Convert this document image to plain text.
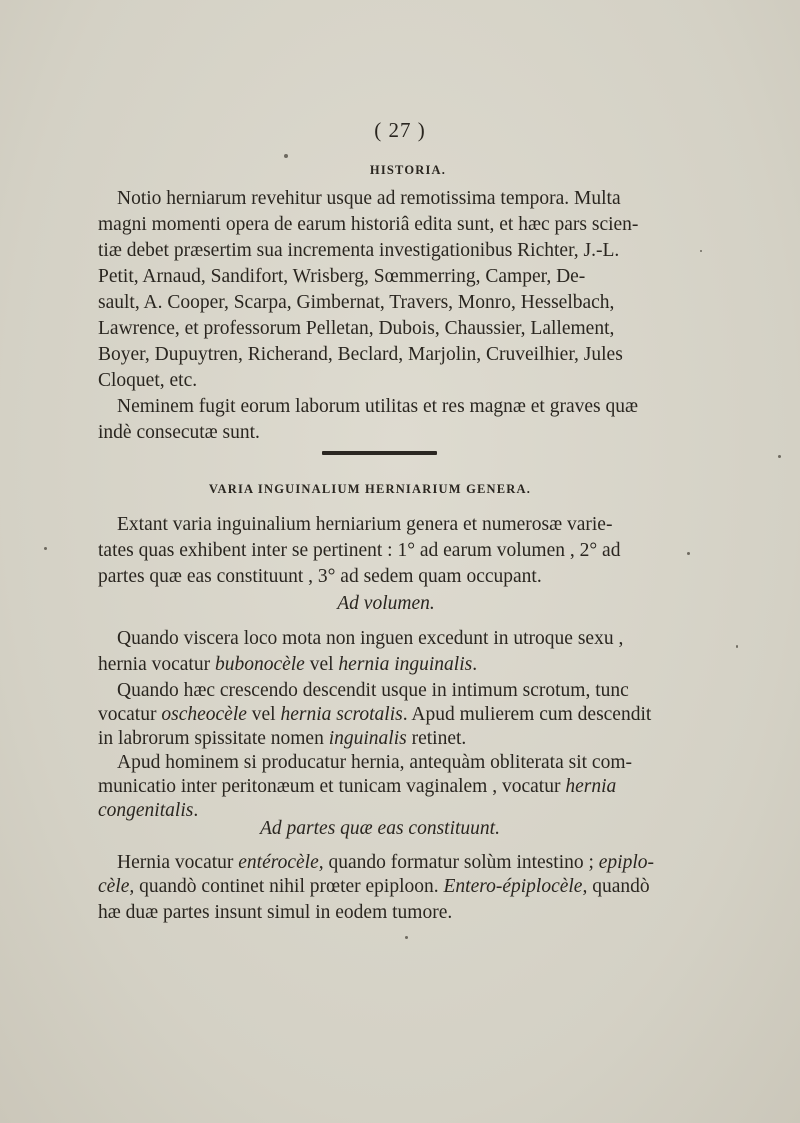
( 27 )
HISTORIA.
Notio herniarum revehitur usque ad remotissima tempora. Multa
magni momenti opera de earum historiâ edita sunt, et hæc pars scien-
tiæ debet præsertim sua incrementa investigationibus Richter, J.-L.
Petit, Arnaud, Sandifort, Wrisberg, Sœmmerring, Camper, De-
sault, A. Cooper, Scarpa, Gimbernat, Travers, Monro, Hesselbach,
Lawrence, et professorum Pelletan, Dubois, Chaussier, Lallement,
Boyer, Dupuytren, Richerand, Beclard, Marjolin, Cruveilhier, Jules
Cloquet, etc.
Neminem fugit eorum laborum utilitas et res magnæ et graves quæ
indè consecutæ sunt.
VARIA INGUINALIUM HERNIARIUM GENERA.
Extant varia inguinalium herniarium genera et numerosæ varie-
tates quas exhibent inter se pertinent : 1° ad earum volumen , 2° ad
partes quæ eas constituunt , 3° ad sedem quam occupant.
Ad volumen.
Quando viscera loco mota non inguen excedunt in utroque sexu ,
hernia vocatur bubonocèle vel hernia inguinalis.
Quando hæc crescendo descendit usque in intimum scrotum, tunc
vocatur oscheocèle vel hernia scrotalis. Apud mulierem cum descendit
in labrorum spissitate nomen inguinalis retinet.
Apud hominem si producatur hernia, antequàm obliterata sit com-
municatio inter peritonæum et tunicam vaginalem , vocatur hernia
congenitalis.
Ad partes quæ eas constituunt.
Hernia vocatur entérocèle, quando formatur solùm intestino ; epiplo-
cèle, quandò continet nihil prœter epiploon. Entero-épiplocèle, quandò
hæ duæ partes insunt simul in eodem tumore.
